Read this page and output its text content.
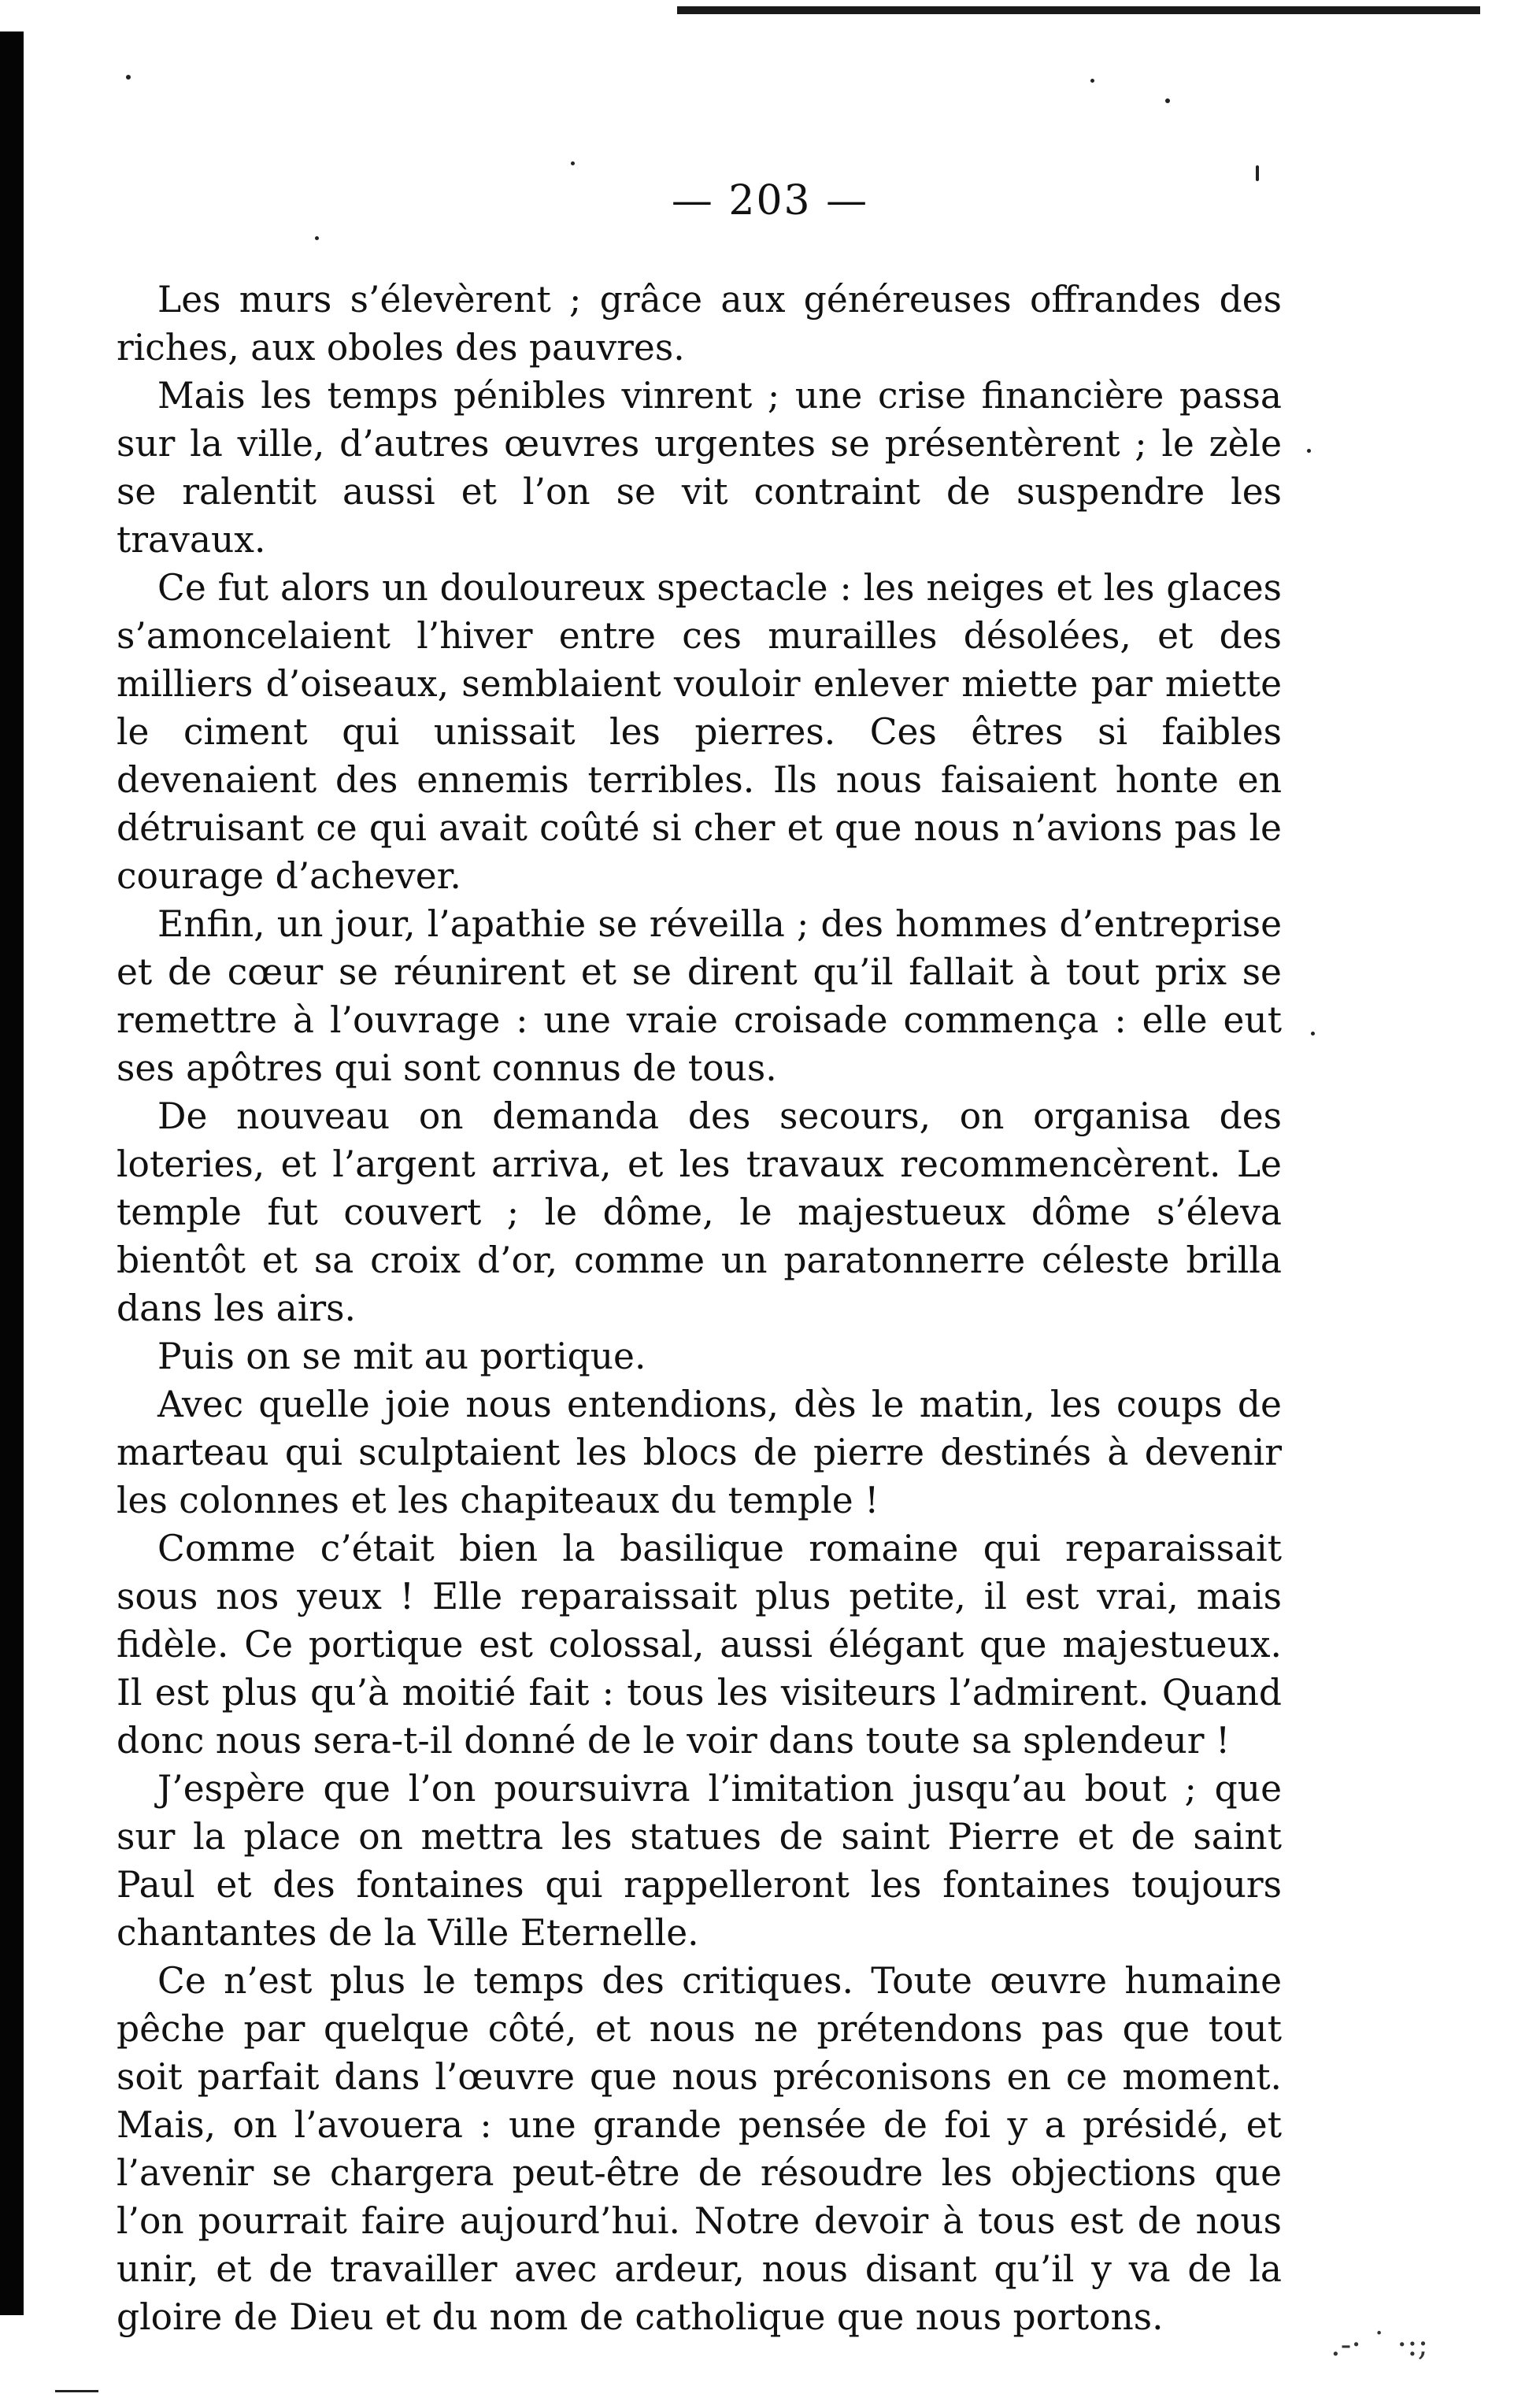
— 203 —

Les murs s’élevèrent ; grâce aux généreuses offrandes des riches, aux oboles des pauvres.

Mais les temps pénibles vinrent ; une crise financière passa sur la ville, d’autres œuvres urgentes se présentèrent ; le zèle se ralentit aussi et l’on se vit contraint de suspendre les travaux.

Ce fut alors un douloureux spectacle : les neiges et les glaces s’amoncelaient l’hiver entre ces murailles désolées, et des milliers d’oiseaux, semblaient vouloir enlever miette par miette le ciment qui unissait les pierres. Ces êtres si faibles devenaient des ennemis terribles. Ils nous faisaient honte en détruisant ce qui avait coûté si cher et que nous n’avions pas le courage d’achever.

Enfin, un jour, l’apathie se réveilla ; des hommes d’entreprise et de cœur se réunirent et se dirent qu’il fallait à tout prix se remettre à l’ouvrage : une vraie croisade commença : elle eut ses apôtres qui sont connus de tous.

De nouveau on demanda des secours, on organisa des loteries, et l’argent arriva, et les travaux recommencèrent. Le temple fut couvert ; le dôme, le majestueux dôme s’éleva bientôt et sa croix d’or, comme un paratonnerre céleste brilla dans les airs.

Puis on se mit au portique.

Avec quelle joie nous entendions, dès le matin, les coups de marteau qui sculptaient les blocs de pierre destinés à devenir les colonnes et les chapiteaux du temple !

Comme c’était bien la basilique romaine qui reparaissait sous nos yeux ! Elle reparaissait plus petite, il est vrai, mais fidèle. Ce portique est colossal, aussi élégant que majestueux. Il est plus qu’à moitié fait : tous les visiteurs l’admirent. Quand donc nous sera-t-il donné de le voir dans toute sa splendeur !

J’espère que l’on poursuivra l’imitation jusqu’au bout ; que sur la place on mettra les statues de saint Pierre et de saint Paul et des fontaines qui rappelleront les fontaines toujours chantantes de la Ville Eternelle.

Ce n’est plus le temps des critiques. Toute œuvre humaine pêche par quelque côté, et nous ne prétendons pas que tout soit parfait dans l’œuvre que nous préconisons en ce moment. Mais, on l’avouera : une grande pensée de foi y a présidé, et l’avenir se chargera peut-être de résoudre les objections que l’on pourrait faire aujourd’hui. Notre devoir à tous est de nous unir, et de travailler avec ardeur, nous disant qu’il y va de la gloire de Dieu et du nom de catholique que nous portons.

.-· ˙ ·:;
